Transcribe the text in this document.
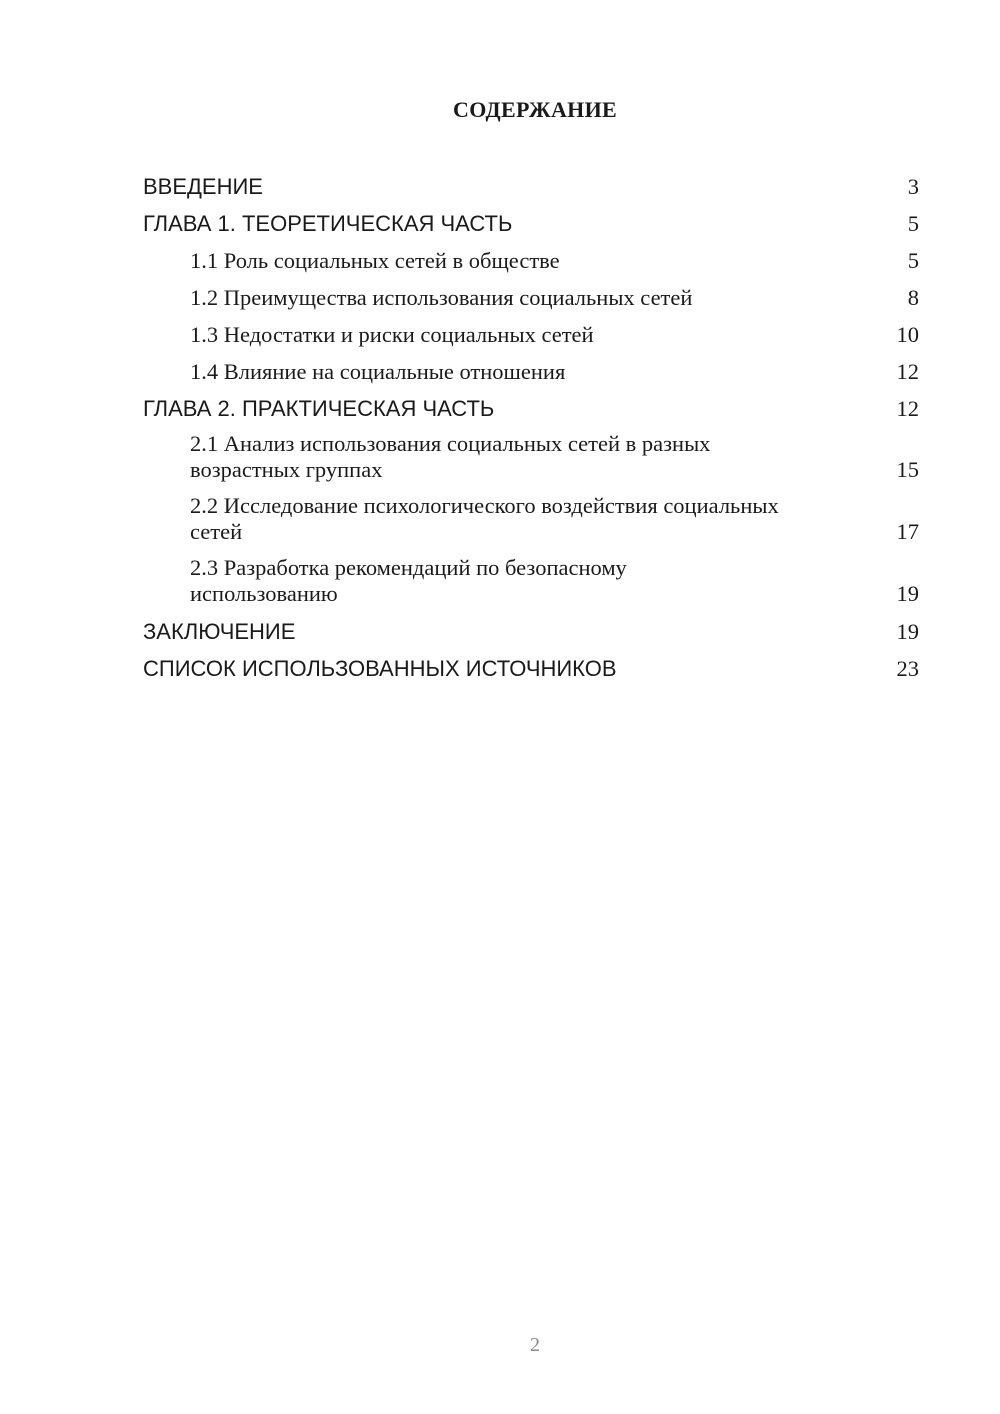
СОДЕРЖАНИЕ
ВВЕДЕНИЕ	3
ГЛАВА 1. ТЕОРЕТИЧЕСКАЯ ЧАСТЬ	5
1.1 Роль социальных сетей в обществе	5
1.2 Преимущества использования социальных сетей	8
1.3 Недостатки и риски социальных сетей	10
1.4 Влияние на социальные отношения	12
ГЛАВА 2. ПРАКТИЧЕСКАЯ ЧАСТЬ	12
2.1 Анализ использования социальных сетей в разных возрастных группах	15
2.2 Исследование психологического воздействия социальных сетей	17
2.3 Разработка рекомендаций по безопасному использованию	19
ЗАКЛЮЧЕНИЕ	19
СПИСОК ИСПОЛЬЗОВАННЫХ ИСТОЧНИКОВ	23
2
